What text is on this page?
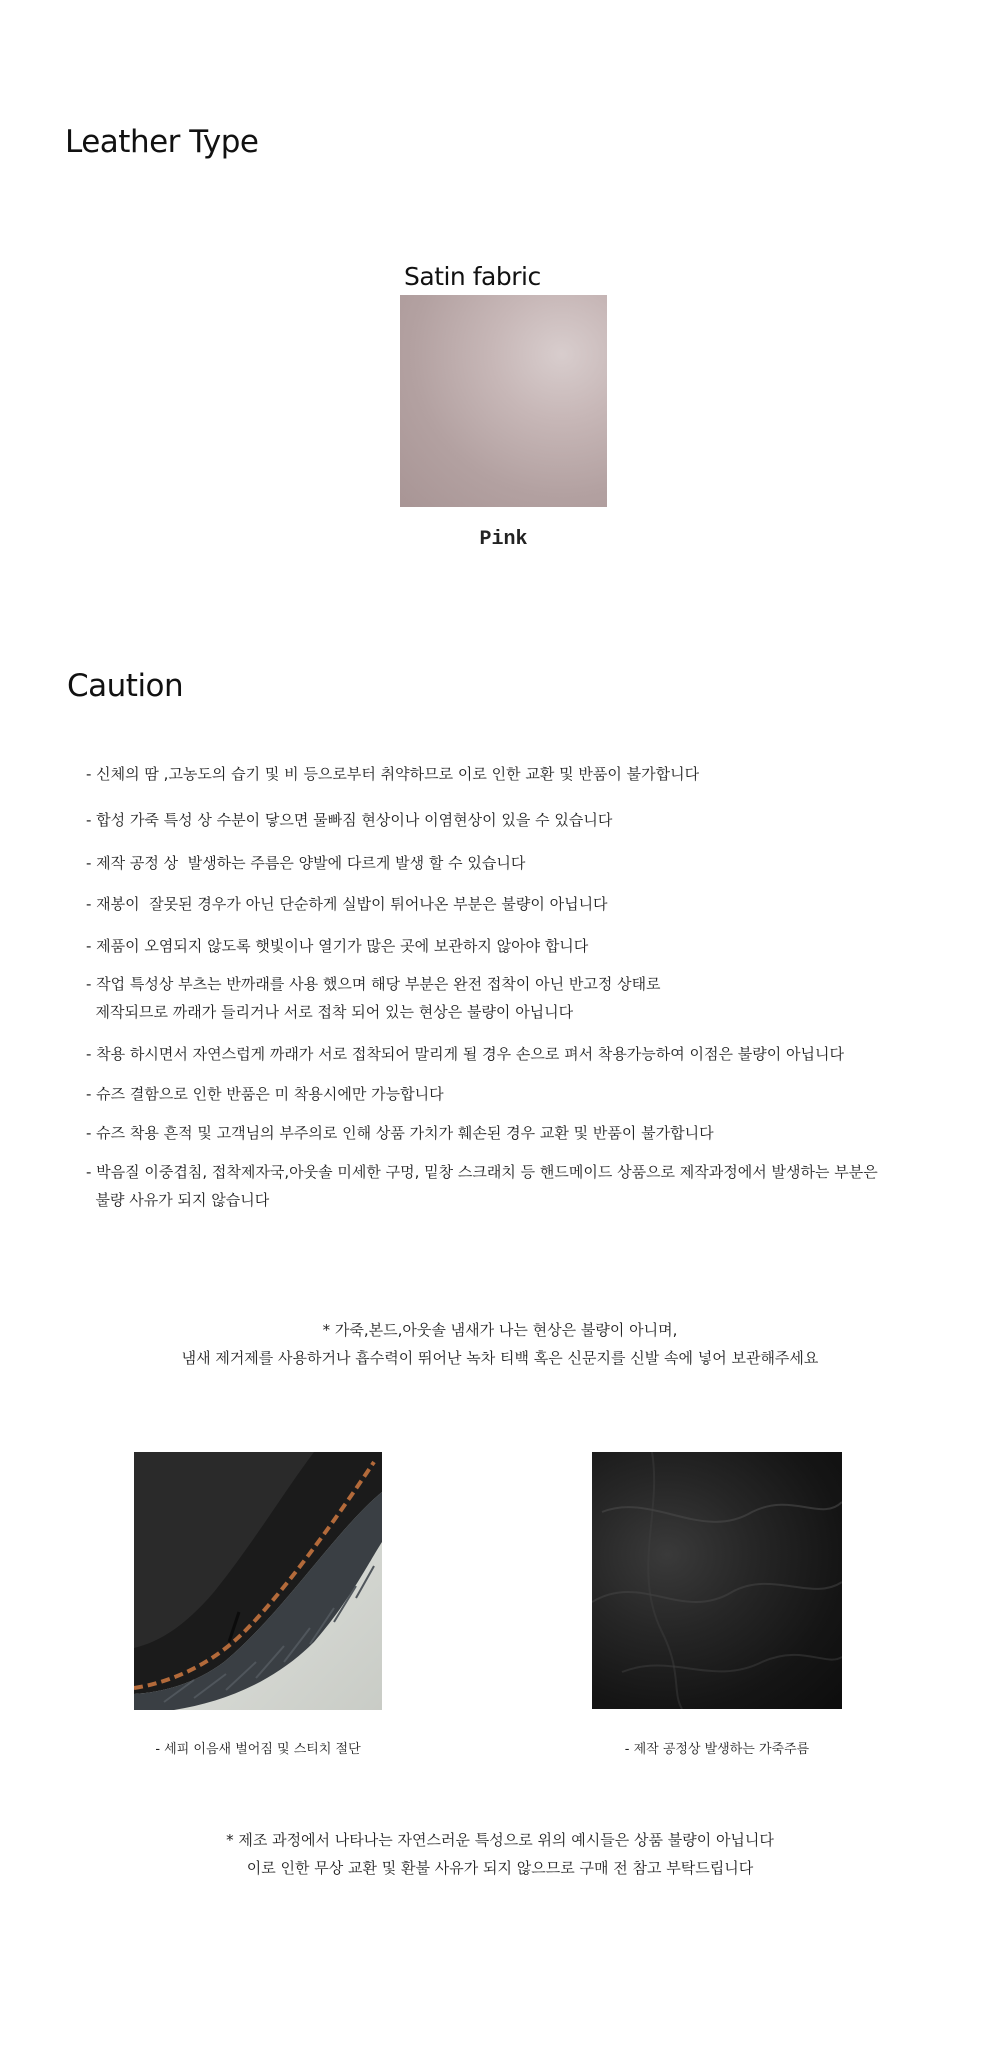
Leather Type
Satin fabric
Pink
Caution
- 신체의 땀 ,고농도의 습기 및 비 등으로부터 취약하므로 이로 인한 교환 및 반품이 불가합니다
- 합성 가죽 특성 상 수분이 닿으면 물빠짐 현상이나 이염현상이 있을 수 있습니다
- 제작 공정 상  발생하는 주름은 양발에 다르게 발생 할 수 있습니다
- 재봉이  잘못된 경우가 아닌 단순하게 실밥이 튀어나온 부분은 불량이 아닙니다
- 제품이 오염되지 않도록 햇빛이나 열기가 많은 곳에 보관하지 않아야 합니다
- 작업 특성상 부츠는 반까래를 사용 했으며 해당 부분은 완전 접착이 아닌 반고정 상태로
제작되므로 까래가 들리거나 서로 접착 되어 있는 현상은 불량이 아닙니다
- 착용 하시면서 자연스럽게 까래가 서로 접착되어 말리게 될 경우 손으로 펴서 착용가능하여 이점은 불량이 아닙니다
- 슈즈 결함으로 인한 반품은 미 착용시에만 가능합니다
- 슈즈 착용 흔적 및 고객님의 부주의로 인해 상품 가치가 훼손된 경우 교환 및 반품이 불가합니다
- 박음질 이중겹침, 접착제자국,아웃솔 미세한 구멍, 밑창 스크래치 등 핸드메이드 상품으로 제작과정에서 발생하는 부분은
불량 사유가 되지 않습니다
* 가죽,본드,아웃솔 냄새가 나는 현상은 불량이 아니며,
냄새 제거제를 사용하거나 흡수력이 뛰어난 녹차 티백 혹은 신문지를 신발 속에 넣어 보관해주세요
- 세피 이음새 벌어짐 및 스티치 절단	- 제작 공정상 발생하는 가죽주름
* 제조 과정에서 나타나는 자연스러운 특성으로 위의 예시들은 상품 불량이 아닙니다
이로 인한 무상 교환 및 환불 사유가 되지 않으므로 구매 전 참고 부탁드립니다
